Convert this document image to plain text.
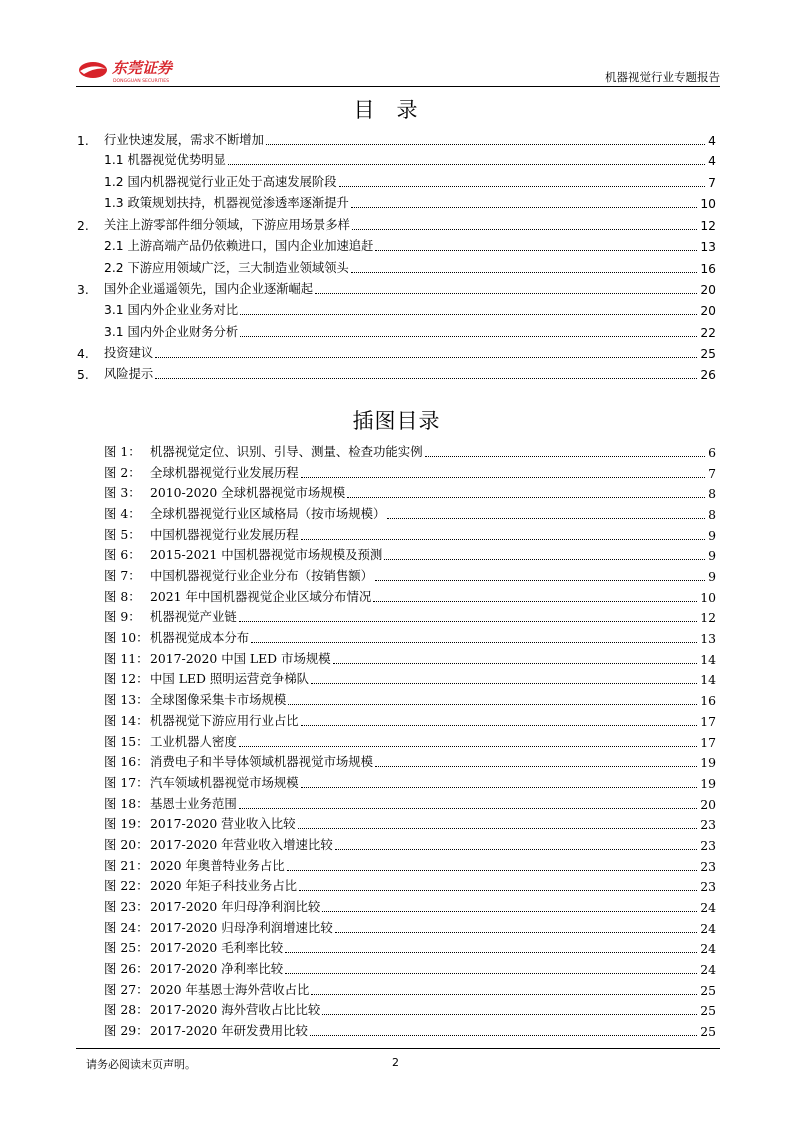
东莞证券
DONGGUAN SECURITIES	机器视觉行业专题报告
目录
1.	行业快速发展，需求不断增加	4
1.1 机器视觉优势明显	4
1.2 国内机器视觉行业正处于高速发展阶段	7
1.3 政策规划扶持，机器视觉渗透率逐渐提升	10
2.	关注上游零部件细分领域，下游应用场景多样	12
2.1 上游高端产品仍依赖进口，国内企业加速追赶	13
2.2 下游应用领域广泛，三大制造业领域领头	16
3.	国外企业遥遥领先，国内企业逐渐崛起	20
3.1 国内外企业业务对比	20
3.1 国内外企业财务分析	22
4.	投资建议	25
5.	风险提示	26
插图目录
图 1： 机器视觉定位、识别、引导、测量、检查功能实例	6
图 2： 全球机器视觉行业发展历程	7
图 3： 2010-2020 全球机器视觉市场规模	8
图 4： 全球机器视觉行业区域格局（按市场规模）	8
图 5： 中国机器视觉行业发展历程	9
图 6： 2015-2021 中国机器视觉市场规模及预测	9
图 7： 中国机器视觉行业企业分布（按销售额）	9
图 8： 2021 年中国机器视觉企业区域分布情况	10
图 9： 机器视觉产业链	12
图 10： 机器视觉成本分布	13
图 11： 2017-2020 中国 LED 市场规模	14
图 12： 中国 LED 照明运营竞争梯队	14
图 13： 全球图像采集卡市场规模	16
图 14： 机器视觉下游应用行业占比	17
图 15： 工业机器人密度	17
图 16： 消费电子和半导体领域机器视觉市场规模	19
图 17： 汽车领域机器视觉市场规模	19
图 18： 基恩士业务范围	20
图 19： 2017-2020 营业收入比较	23
图 20： 2017-2020 年营业收入增速比较	23
图 21： 2020 年奥普特业务占比	23
图 22： 2020 年矩子科技业务占比	23
图 23： 2017-2020 年归母净利润比较	24
图 24： 2017-2020 归母净利润增速比较	24
图 25： 2017-2020 毛利率比较	24
图 26： 2017-2020 净利率比较	24
图 27： 2020 年基恩士海外营收占比	25
图 28： 2017-2020 海外营收占比比较	25
图 29： 2017-2020 年研发费用比较	25
请务必阅读末页声明。	2
